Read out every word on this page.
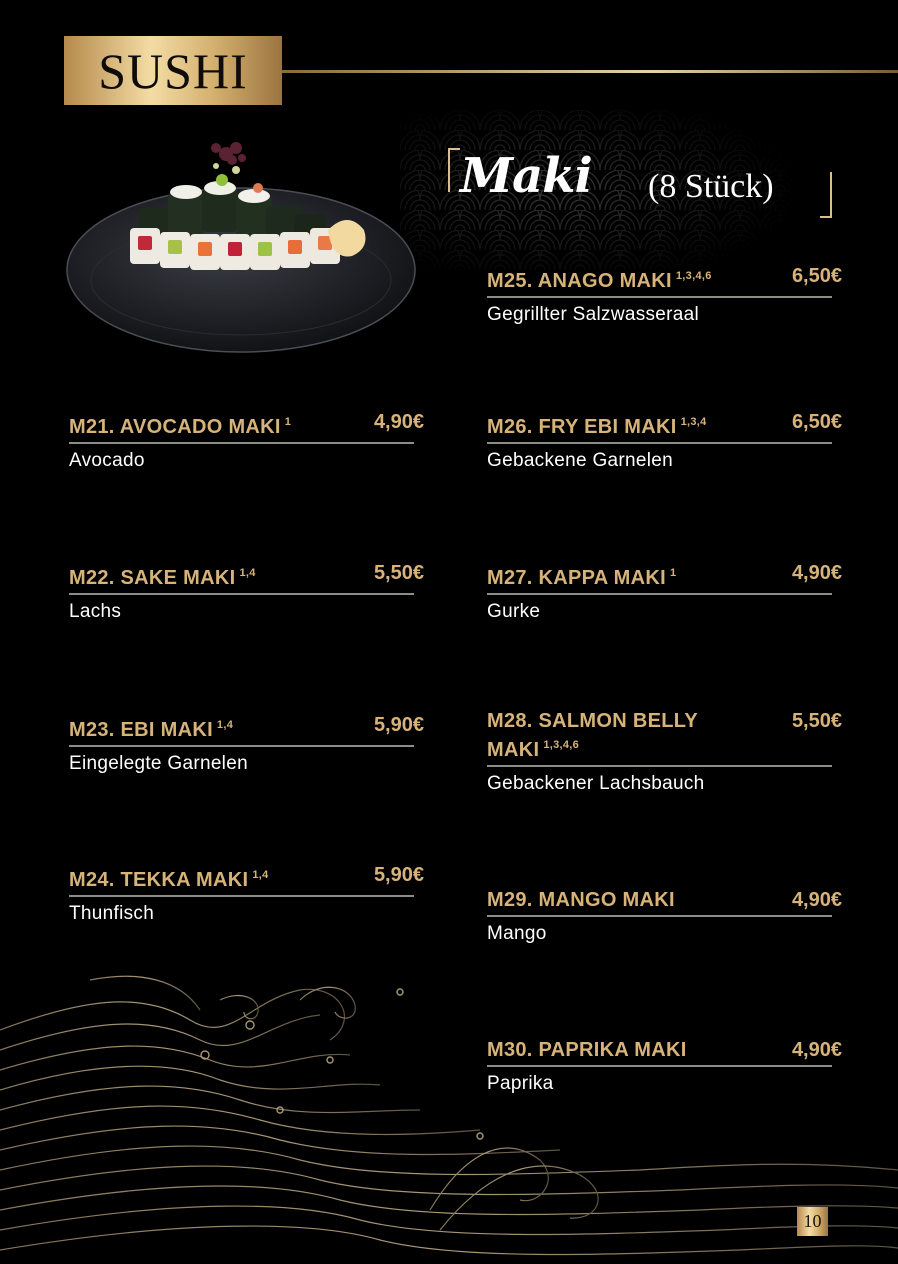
SUSHI
Maki (8 Stück)
M21. AVOCADO MAKI $^1$	4,90€
Avocado
M22. SAKE MAKI $^{1,4}$	5,50€
Lachs
M23. EBI MAKI $^{1,4}$	5,90€
Eingelegte Garnelen
M24. TEKKA MAKI $^{1,4}$	5,90€
Thunfisch
M25. ANAGO MAKI $^{1,3,4,6}$	6,50€
Gegrillter Salzwasseraal
M26. FRY EBI MAKI $^{1,3,4}$	6,50€
Gebackene Garnelen
M27. KAPPA MAKI $^1$	4,90€
Gurke
M28. SALMON BELLY
MAKI $^{1,3,4,6}$
5,50€
Gebackener Lachsbauch
M29. MANGO MAKI	4,90€
Mango
M30. PAPRIKA MAKI	4,90€
Paprika
10
